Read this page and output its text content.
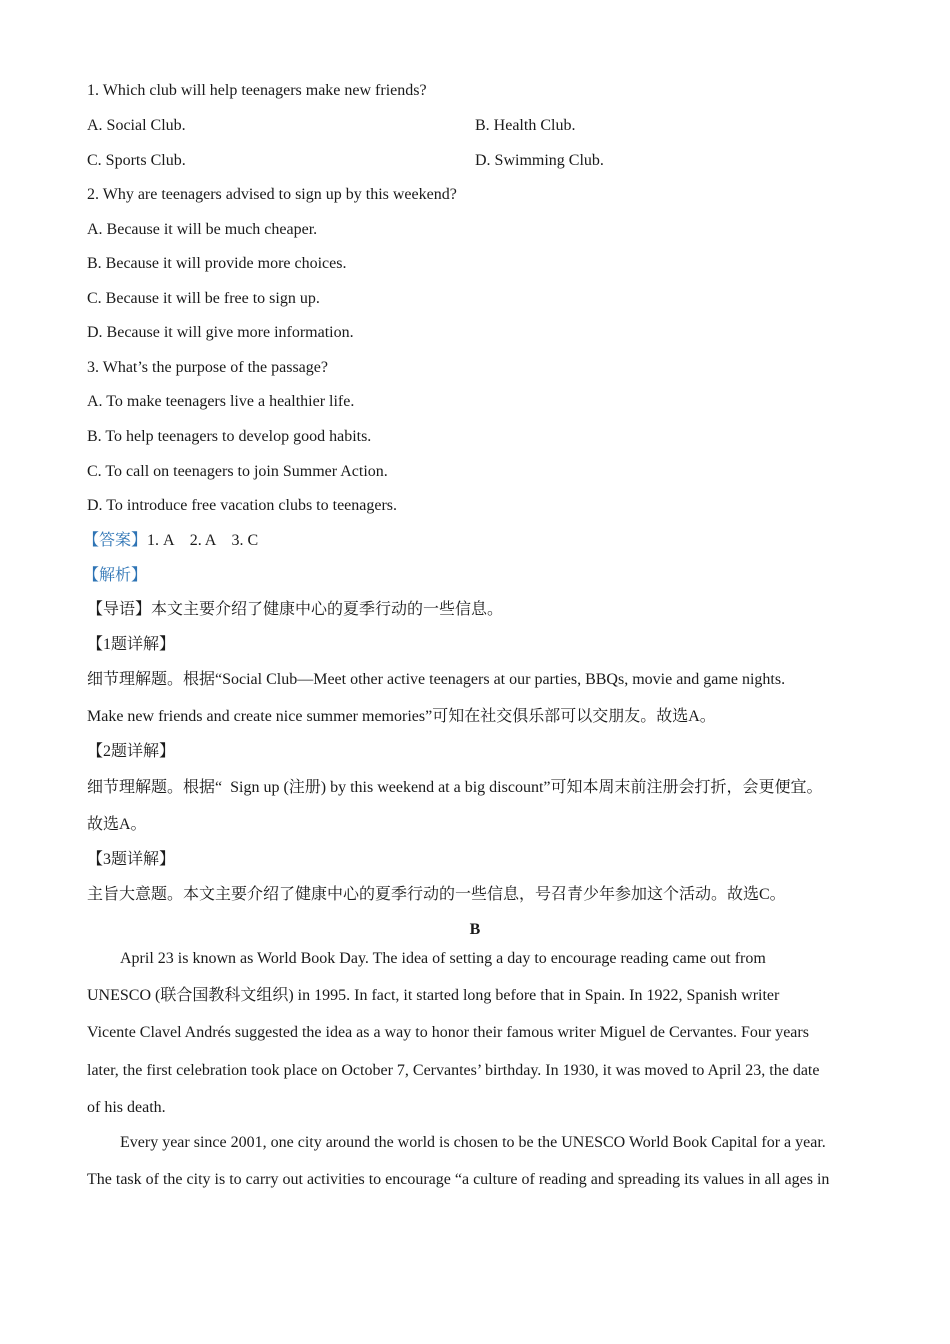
1. Which club will help teenagers make new friends?
A. Social Club.	B. Health Club.
C. Sports Club.	D. Swimming Club.
2. Why are teenagers advised to sign up by this weekend?
A. Because it will be much cheaper.
B. Because it will provide more choices.
C. Because it will be free to sign up.
D. Because it will give more information.
3. What’s the purpose of the passage?
A. To make teenagers live a healthier life.
B. To help teenagers to develop good habits.
C. To call on teenagers to join Summer Action.
D. To introduce free vacation clubs to teenagers.
【答案】1. A    2. A    3. C
【解析】
【导语】本文主要介绍了健康中心的夏季行动的一些信息。
【1题详解】
细节理解题。根据“Social Club—Meet other active teenagers at our parties, BBQs, movie and game nights.
Make new friends and create nice summer memories”可知在社交俱乐部可以交朋友。故选A。
【2题详解】
细节理解题。根据“  Sign up (注册) by this weekend at a big discount”可知本周末前注册会打折，会更便宜。
故选A。
【3题详解】
主旨大意题。本文主要介绍了健康中心的夏季行动的一些信息，号召青少年参加这个活动。故选C。
B
April 23 is known as World Book Day. The idea of setting a day to encourage reading came out from
UNESCO (联合国教科文组织) in 1995. In fact, it started long before that in Spain. In 1922, Spanish writer
Vicente Clavel Andrés suggested the idea as a way to honor their famous writer Miguel de Cervantes. Four years
later, the first celebration took place on October 7, Cervantes’ birthday. In 1930, it was moved to April 23, the date
of his death.
Every year since 2001, one city around the world is chosen to be the UNESCO World Book Capital for a year.
The task of the city is to carry out activities to encourage “a culture of reading and spreading its values in all ages in
